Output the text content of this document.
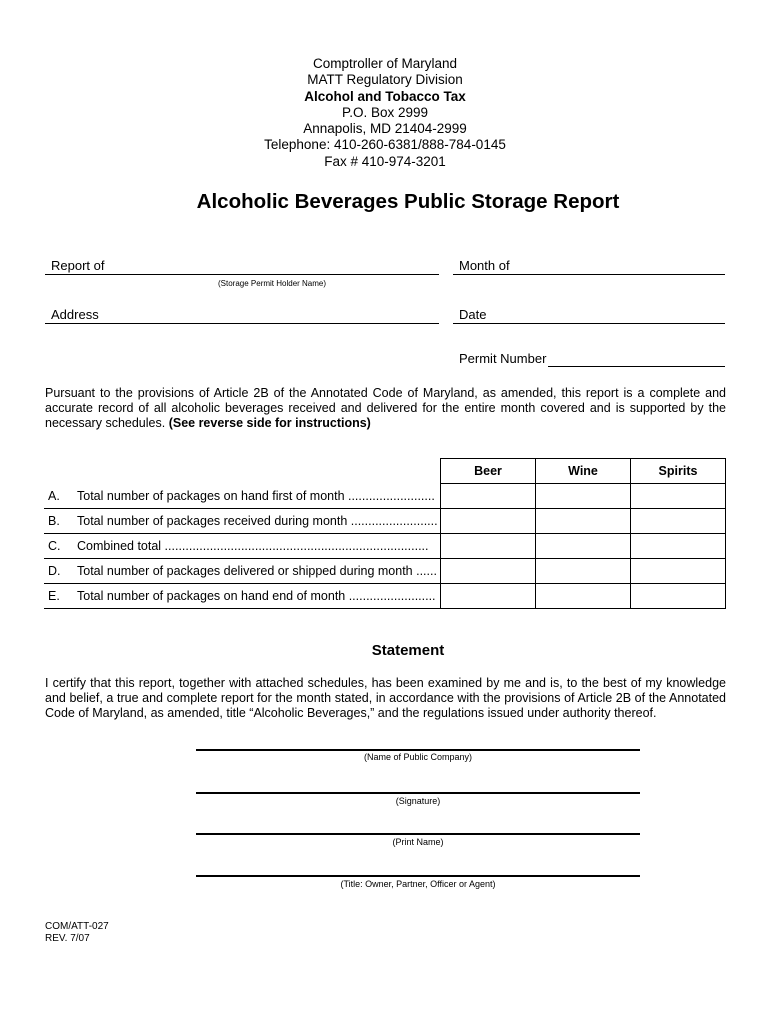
Comptroller of Maryland
MATT Regulatory Division
Alcohol and Tobacco Tax
P.O. Box 2999
Annapolis, MD 21404-2999
Telephone: 410-260-6381/888-784-0145
Fax # 410-974-3201
Alcoholic Beverages Public Storage Report
Report of
(Storage Permit Holder Name)
Month of
Address	Date
Permit Number
Pursuant to the provisions of Article 2B of the Annotated Code of Maryland, as amended, this report is a complete and accurate record of all alcoholic beverages received and delivered for the entire month covered and is supported by the necessary schedules. (See reverse side for instructions)
	Beer	Wine	Spirits
A. Total number of packages on hand first of month .........................			
B. Total number of packages received during month .........................			
C. Combined total ............................................................................			
D. Total number of packages delivered or shipped during month ......			
E. Total number of packages on hand end of month .........................			
Statement
I certify that this report, together with attached schedules, has been examined by me and is, to the best of my knowledge and belief, a true and complete report for the month stated, in accordance with the provisions of Article 2B of the Annotated Code of Maryland, as amended, title “Alcoholic Beverages,” and the regulations issued under authority thereof.
(Name of Public Company)
(Signature)
(Print Name)
(Title: Owner, Partner, Officer or Agent)
COM/ATT-027
REV. 7/07
